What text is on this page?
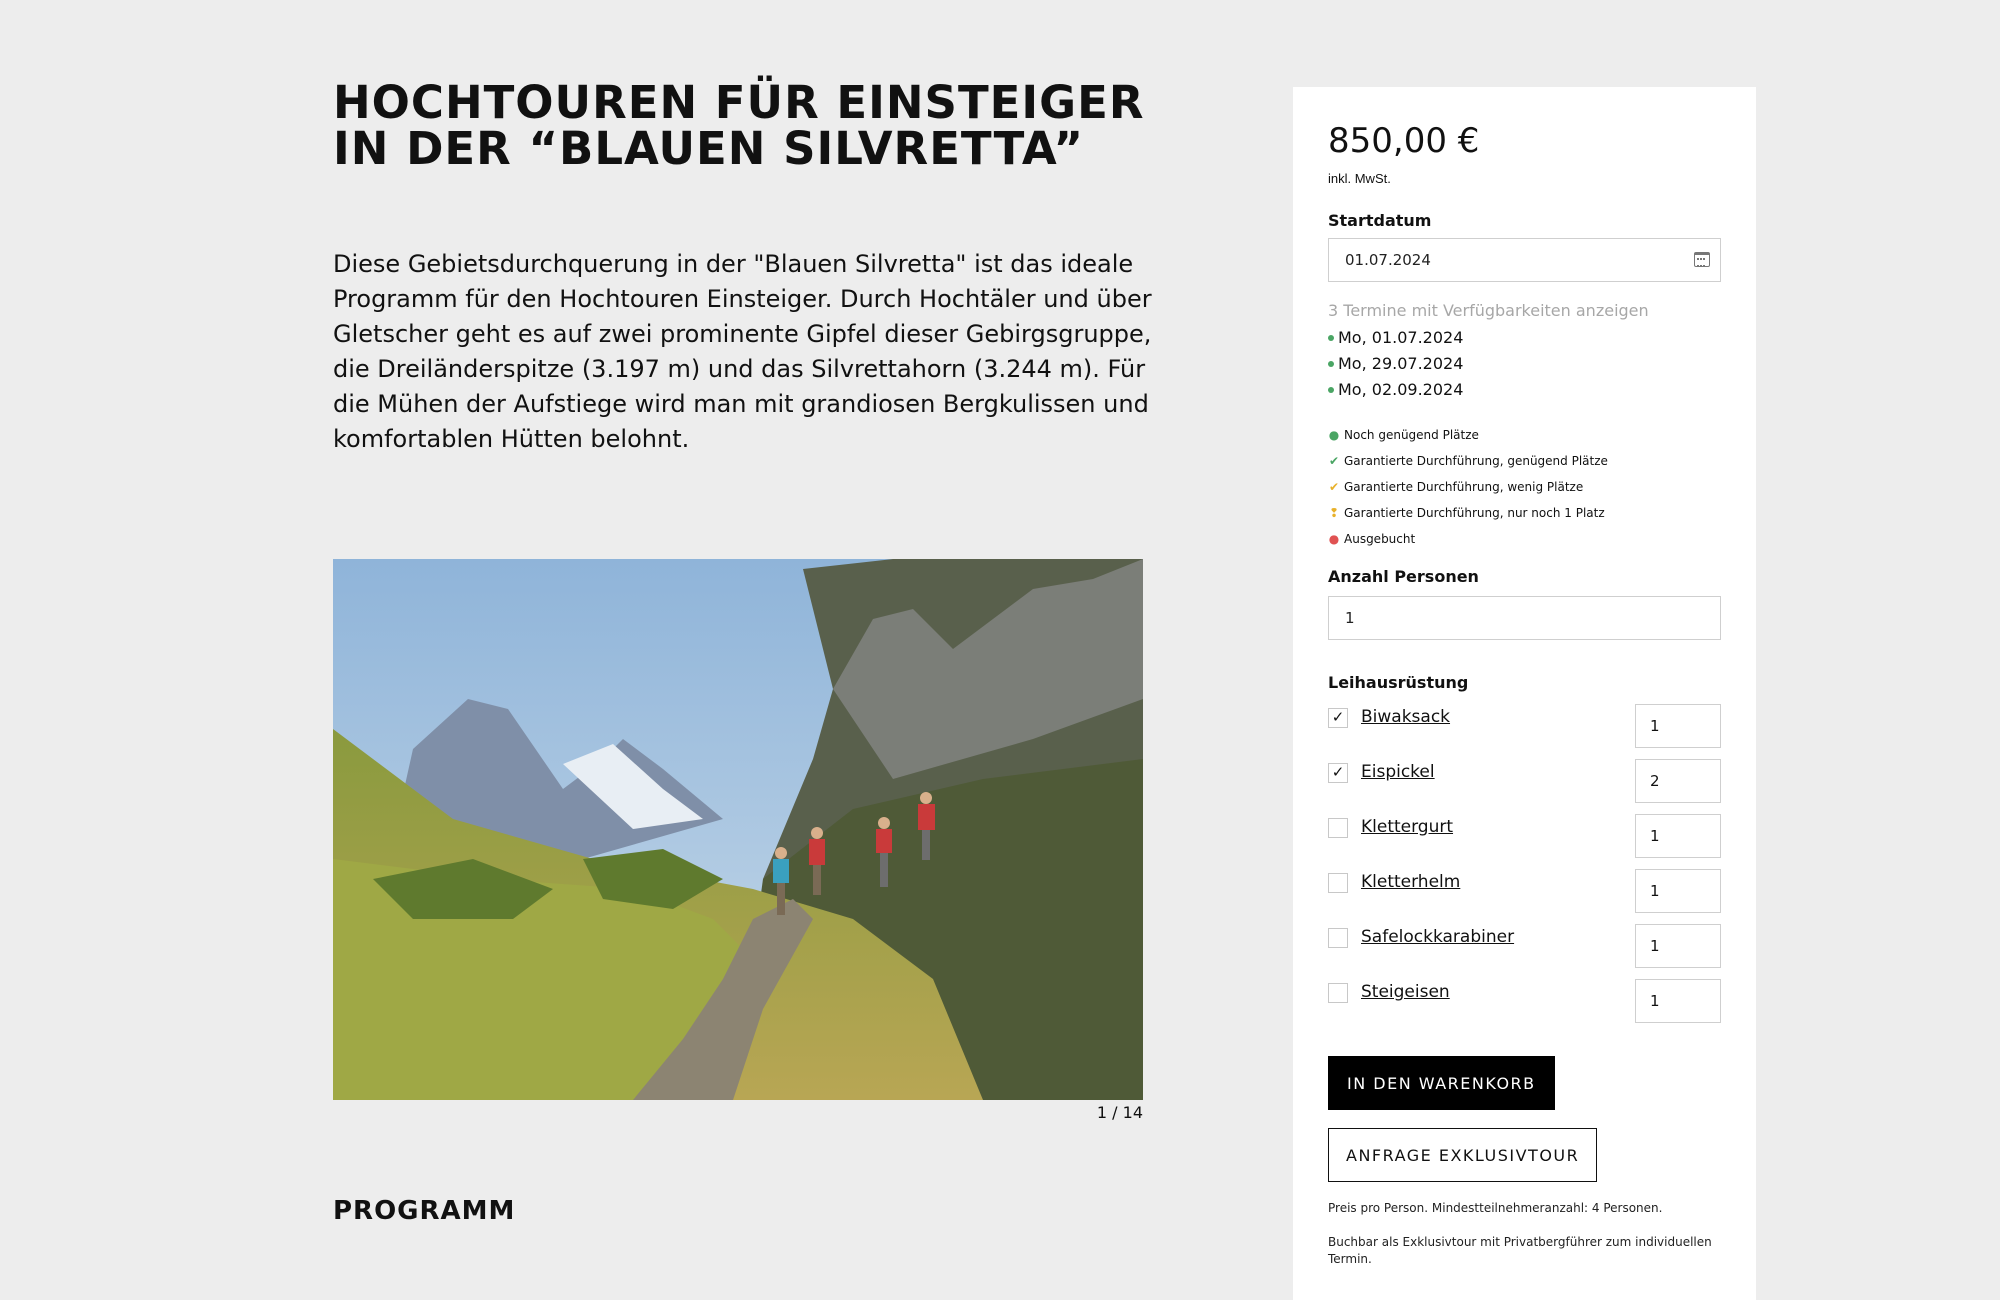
HOCHTOUREN FÜR EINSTEIGER IN DER “BLAUEN SILVRETTA”

Diese Gebietsdurchquerung in der "Blauen Silvretta" ist das ideale Programm für den Hochtouren Einsteiger. Durch Hochtäler und über Gletscher geht es auf zwei prominente Gipfel dieser Gebirgsgruppe, die Dreiländerspitze (3.197 m) und das Silvrettahorn (3.244 m). Für die Mühen der Aufstiege wird man mit grandiosen Bergkulissen und komfortablen Hütten belohnt.

1 / 14
PROGRAMM
850,00 €
inkl. MwSt.
Startdatum
01.07.2024
3 Termine mit Verfügbarkeiten anzeigen
Mo, 01.07.2024
Mo, 29.07.2024
Mo, 02.09.2024
● Noch genügend Plätze
✔ Garantierte Durchführung, genügend Plätze
✔ Garantierte Durchführung, wenig Plätze
❢ Garantierte Durchführung, nur noch 1 Platz
● Ausgebucht
Anzahl Personen
1
Leihausrüstung
✓ Biwaksack	1
✓ Eispickel	2
Klettergurt	1
Kletterhelm	1
Safelockkarabiner	1
Steigeisen	1
IN DEN WARENKORB
ANFRAGE EXKLUSIVTOUR

Preis pro Person. Mindestteilnehmeranzahl: 4 Personen.

Buchbar als Exklusivtour mit Privatbergführer zum individuellen Termin.
